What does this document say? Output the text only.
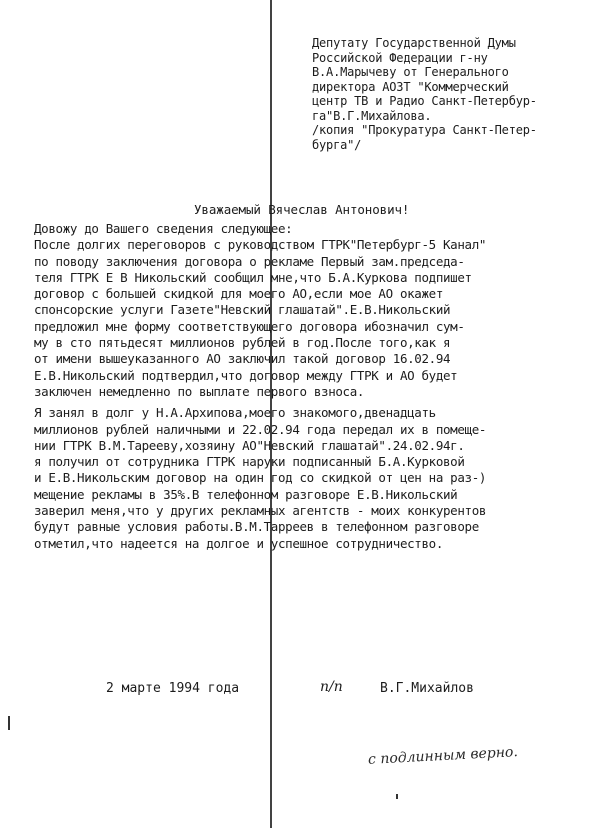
Депутату Государственной Думы
Российской Федерации г-ну
В.А.Марычеву от Генерального
директора АОЗТ "Коммерческий
центр ТВ и Радио Санкт-Петербур-
га"В.Г.Михайлова.
/копия "Прокуратура Санкт-Петер-
бурга"/
Уважаемый Вячеслав Антонович!
Довожу до Вашего сведения следующее:
После долгих переговоров с руководством ГТРК"Петербург-5 Канал"
по поводу заключения договора о рекламе Первый зам.председа-
теля ГТРК Е В Никольский сообщил мне,что Б.А.Куркова подпишет
договор с большей скидкой для моего АО,если мое АО окажет
спонсорские услуги Газете"Невский глашатай".Е.В.Никольский
предложил мне форму соответствующего договора ибозначил сум-
му в сто пятьдесят миллионов рублей в год.После того,как я
от имени вышеуказанного АО заключил такой договор 16.02.94
Е.В.Никольский подтвердил,что договор между ГТРК и АО будет
заключен немедленно по выплате первого взноса.
Я занял в долг у Н.А.Архипова,моего знакомого,двенадцать
миллионов рублей наличными и 22.02.94 года передал их в помеще-
нии ГТРК В.М.Тарееву,хозяину АО"Невский глашатай".24.02.94г.
я получил от сотрудника ГТРК наруки подписанный Б.А.Курковой
и Е.В.Никольским договор на один год со скидкой от цен на раз-)
мещение рекламы в 35%.В телефонном разговоре Е.В.Никольский
заверил меня,что у других рекламных агентств - моих конкурентов
будут равные условия работы.В.М.Тарреев в телефонном разговоре
отметил,что надеется на долгое и успешное сотрудничество.
2 марте 1994 года	п/п	В.Г.Михайлов
с подлинным верно.
